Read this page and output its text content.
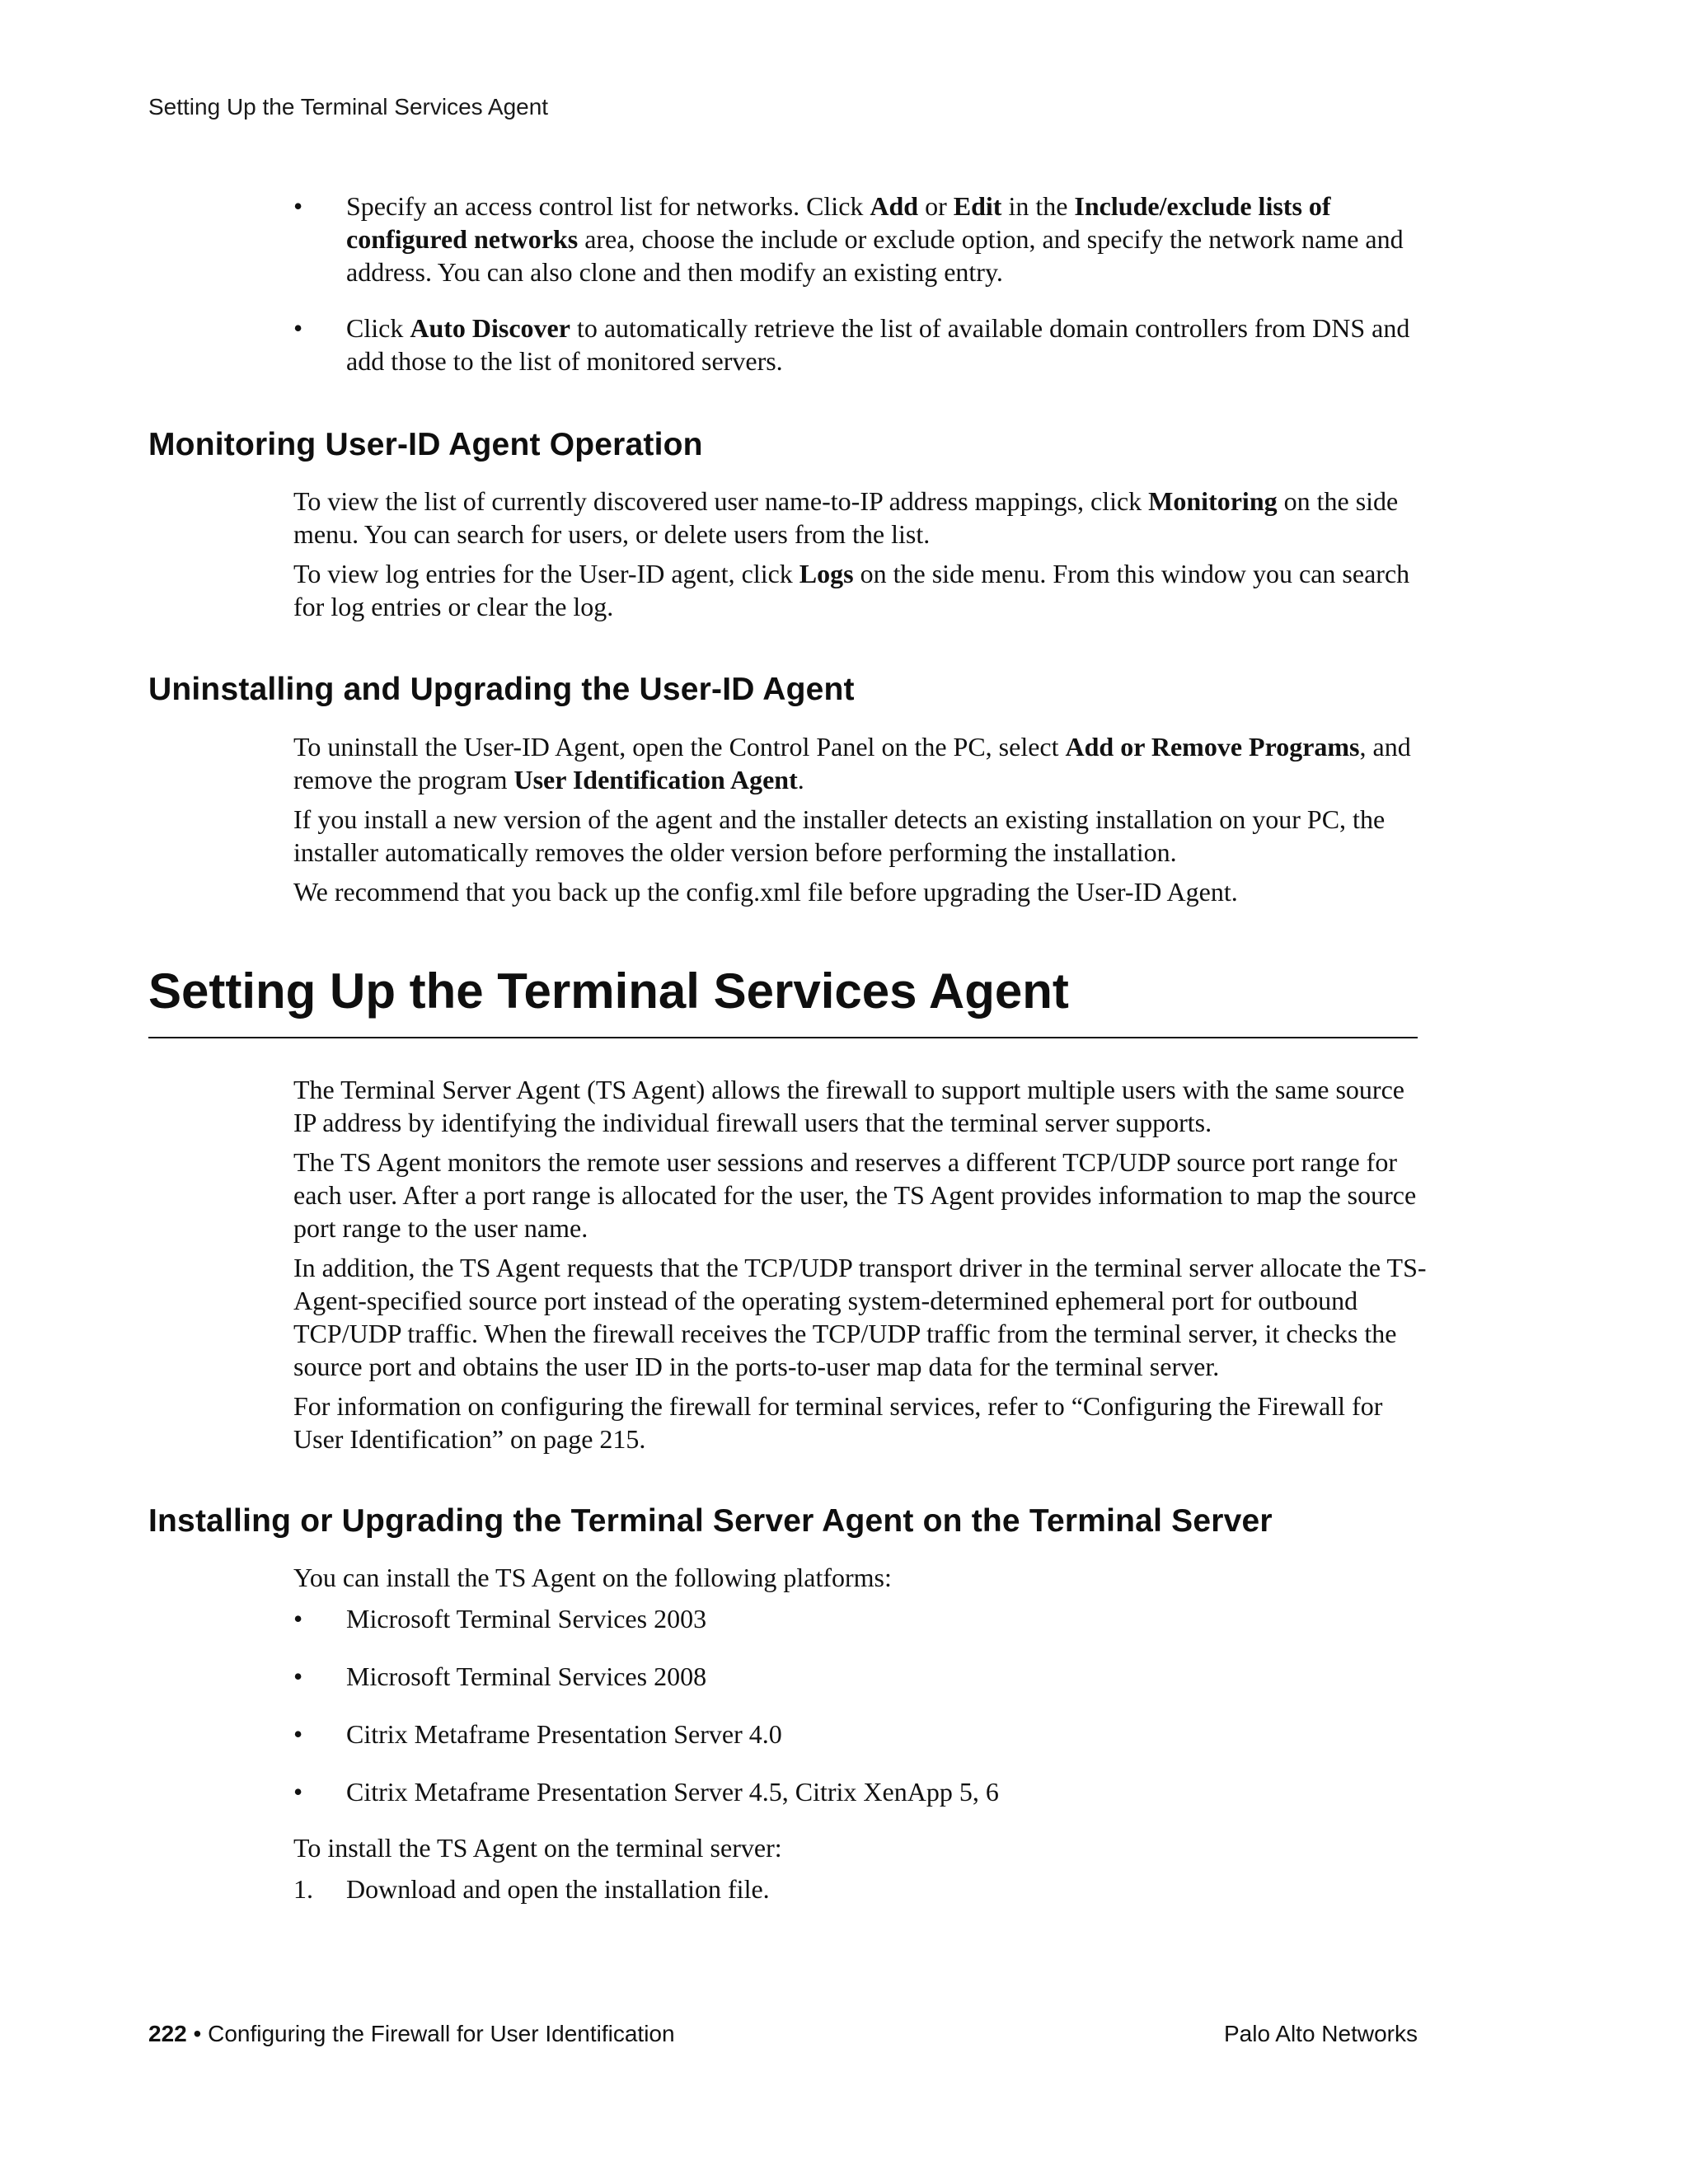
Setting Up the Terminal Services Agent
• Specify an access control list for networks. Click Add or Edit in the Include/exclude lists of configured networks area, choose the include or exclude option, and specify the network name and address. You can also clone and then modify an existing entry.
• Click Auto Discover to automatically retrieve the list of available domain controllers from DNS and add those to the list of monitored servers.
Monitoring User-ID Agent Operation
To view the list of currently discovered user name-to-IP address mappings, click Monitoring on the side menu. You can search for users, or delete users from the list.
To view log entries for the User-ID agent, click Logs on the side menu. From this window you can search for log entries or clear the log.
Uninstalling and Upgrading the User-ID Agent
To uninstall the User-ID Agent, open the Control Panel on the PC, select Add or Remove Programs, and remove the program User Identification Agent.
If you install a new version of the agent and the installer detects an existing installation on your PC, the installer automatically removes the older version before performing the installation.
We recommend that you back up the config.xml file before upgrading the User-ID Agent.
Setting Up the Terminal Services Agent
The Terminal Server Agent (TS Agent) allows the firewall to support multiple users with the same source IP address by identifying the individual firewall users that the terminal server supports.
The TS Agent monitors the remote user sessions and reserves a different TCP/UDP source port range for each user. After a port range is allocated for the user, the TS Agent provides information to map the source port range to the user name.
In addition, the TS Agent requests that the TCP/UDP transport driver in the terminal server allocate the TS-Agent-specified source port instead of the operating system-determined ephemeral port for outbound TCP/UDP traffic. When the firewall receives the TCP/UDP traffic from the terminal server, it checks the source port and obtains the user ID in the ports-to-user map data for the terminal server.
For information on configuring the firewall for terminal services, refer to “Configuring the Firewall for User Identification” on page 215.
Installing or Upgrading the Terminal Server Agent on the Terminal Server
You can install the TS Agent on the following platforms:
• Microsoft Terminal Services 2003
• Microsoft Terminal Services 2008
• Citrix Metaframe Presentation Server 4.0
• Citrix Metaframe Presentation Server 4.5, Citrix XenApp 5, 6
To install the TS Agent on the terminal server:
1. Download and open the installation file.
222 • Configuring the Firewall for User Identification	Palo Alto Networks
